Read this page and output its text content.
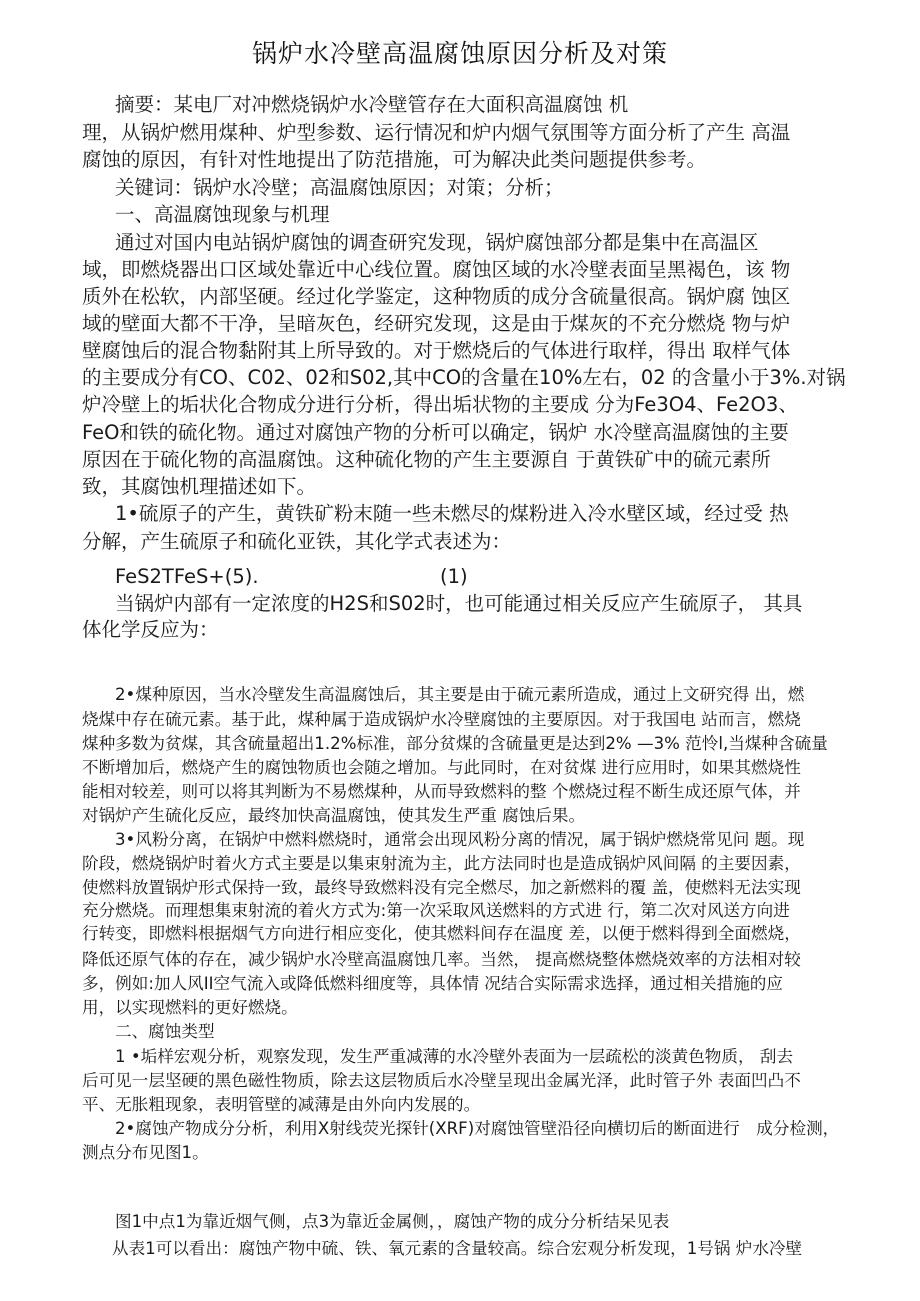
锅炉水冷壁高温腐蚀原因分析及对策
摘要：某电厂对冲燃烧锅炉水冷壁管存在大面积高温腐蚀 机
理，从锅炉燃用煤种、炉型参数、运行情况和炉内烟气氛围等方面分析了产生 高温
腐蚀的原因，有针对性地提出了防范措施，可为解决此类问题提供参考。
关键词：锅炉水冷壁；高温腐蚀原因；对策；分析；
一、高温腐蚀现象与机理
通过对国内电站锅炉腐蚀的调查研究发现，锅炉腐蚀部分都是集中在高温区
域，即燃烧器出口区域处靠近中心线位置。腐蚀区域的水冷壁表面呈黑褐色，该 物
质外在松软，内部坚硬。经过化学鉴定，这种物质的成分含硫量很高。锅炉腐 蚀区
域的壁面大都不干净，呈暗灰色，经研究发现，这是由于煤灰的不充分燃烧 物与炉
壁腐蚀后的混合物黏附其上所导致的。对于燃烧后的气体进行取样，得出 取样气体
的主要成分有CO、C02、02和S02,其中CO的含量在10%左右，02 的含量小于3%.对锅
炉冷壁上的垢状化合物成分进行分析，得出垢状物的主要成 分为Fe3O4、Fe2O3、
FeO和铁的硫化物。通过对腐蚀产物的分析可以确定，锅炉 水冷壁高温腐蚀的主要
原因在于硫化物的高温腐蚀。这种硫化物的产生主要源自 于黄铁矿中的硫元素所
致，其腐蚀机理描述如下。
1•硫原子的产生，黄铁矿粉末随一些未燃尽的煤粉进入冷水壁区域，经过受 热
分解，产生硫原子和硫化亚铁，其化学式表述为：
FeS2TFeS+(5).	(1)
当锅炉内部有一定浓度的H2S和S02时，也可能通过相关反应产生硫原子， 其具
体化学反应为：
2•煤种原因，当水冷壁发生高温腐蚀后，其主要是由于硫元素所造成，通过上文研究得 出，燃
烧煤中存在硫元素。基于此，煤种属于造成锅炉水冷壁腐蚀的主要原因。对于我国电 站而言，燃烧
煤种多数为贫煤，其含硫量超出1.2%标准，部分贫煤的含硫量更是达到2% —3% 范怜l,当煤种含硫量
不断增加后，燃烧产生的腐蚀物质也会随之增加。与此同时，在对贫煤 进行应用时，如果其燃烧性
能相对较差，则可以将其判断为不易燃煤种，从而导致燃料的整 个燃烧过程不断生成还原气体，并
对锅炉产生硫化反应，最终加快高温腐蚀，使其发生严重 腐蚀后果。
3•风粉分离，在锅炉中燃料燃烧时，通常会出现风粉分离的情况，属于锅炉燃烧常见问 题。现
阶段，燃烧锅炉时着火方式主要是以集束射流为主，此方法同时也是造成锅炉风间隔 的主要因素，
使燃料放置锅炉形式保持一致，最终导致燃料没有完全燃尽，加之新燃料的覆 盖，使燃料无法实现
充分燃烧。而理想集束射流的着火方式为:第一次采取风送燃料的方式进 行，第二次对风送方向进
行转变，即燃料根据烟气方向进行相应变化，使其燃料间存在温度 差，以便于燃料得到全面燃烧，
降低还原气体的存在，减少锅炉水冷壁高温腐蚀几率。当然， 提高燃烧整体燃烧效率的方法相对较
多，例如:加人风II空气流入或降低燃料细度等，具体情 况结合实际需求选择，通过相关措施的应
用，以实现燃料的更好燃烧。
二、腐蚀类型
1 •垢样宏观分析，观察发现，发生严重减薄的水冷壁外表面为一层疏松的淡黄色物质， 刮去
后可见一层坚硬的黑色磁性物质，除去这层物质后水冷壁呈现出金属光泽，此时管子外 表面凹凸不
平、无胀粗现象，表明管壁的减薄是由外向内发展的。
2•腐蚀产物成分分析，利用X射线荧光探针(XRF)对腐蚀管壁沿径向横切后的断面进行　成分检测，
测点分布见图1。
图1中点1为靠近烟气侧，点3为靠近金属侧，，腐蚀产物的成分分析结呆见表
从表1可以看出：腐蚀产物中硫、铁、氧元素的含量较高。综合宏观分析发现，1号锅 炉水冷壁
